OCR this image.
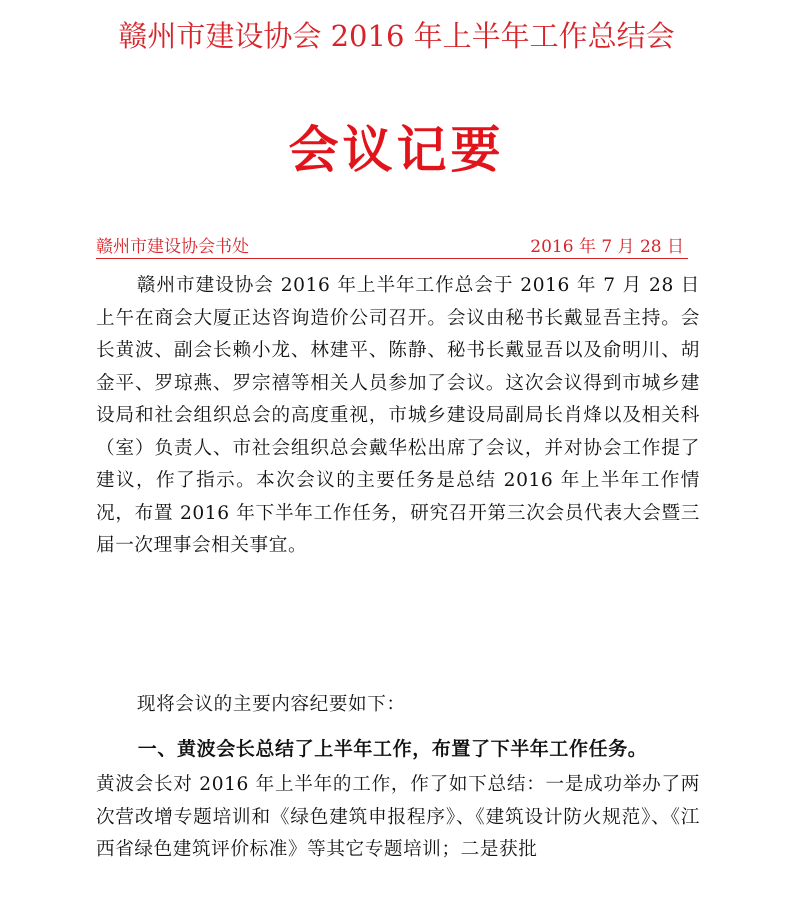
赣州市建设协会 2016 年上半年工作总结会
会议记要
赣州市建设协会书处	2016 年 7 月 28 日
赣州市建设协会 2016 年上半年工作总会于 2016 年 7 月 28 日上午在商会大厦正达咨询造价公司召开。会议由秘书长戴显吾主持。会长黄波、副会长赖小龙、林建平、陈静、秘书长戴显吾以及俞明川、胡金平、罗琼燕、罗宗禧等相关人员参加了会议。这次会议得到市城乡建设局和社会组织总会的高度重视，市城乡建设局副局长肖烽以及相关科（室）负责人、市社会组织总会戴华松出席了会议，并对协会工作提了建议，作了指示。本次会议的主要任务是总结 2016 年上半年工作情况，布置 2016 年下半年工作任务，研究召开第三次会员代表大会暨三届一次理事会相关事宜。
现将会议的主要内容纪要如下：
一、黄波会长总结了上半年工作，布置了下半年工作任务。
黄波会长对 2016 年上半年的工作，作了如下总结：一是成功举办了两次营改增专题培训和《绿色建筑申报程序》、《建筑设计防火规范》、《江西省绿色建筑评价标准》等其它专题培训；二是获批
